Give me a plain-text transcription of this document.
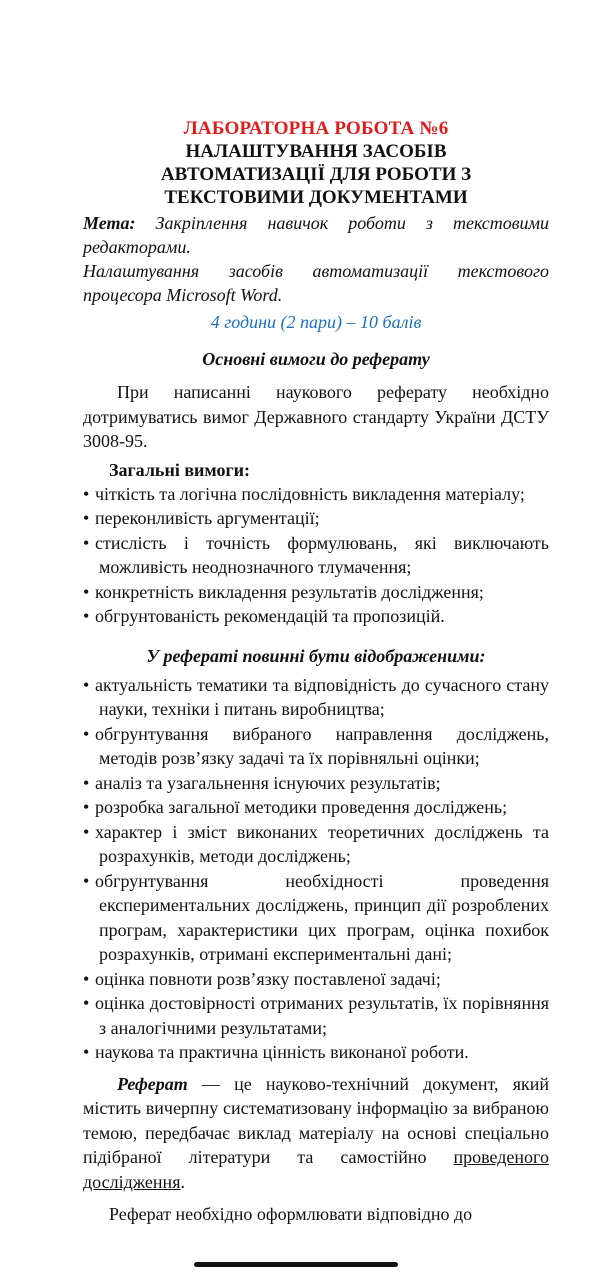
ЛАБОРАТОРНА РОБОТА №6
НАЛАШТУВАННЯ ЗАСОБІВ
АВТОМАТИЗАЦІЇ ДЛЯ РОБОТИ З
ТЕКСТОВИМИ ДОКУМЕНТАМИ
Мета: Закріплення навичок роботи з текстовими редакторами.
Налаштування засобів автоматизації текстового процесора Microsoft Word.
4 години (2 пари) – 10 балів
Основні вимоги до реферату
При написанні наукового реферату необхідно дотримуватись вимог Державного стандарту України ДСТУ 3008-95.
Загальні вимоги:
• чіткість та логічна послідовність викладення матеріалу;
• переконливість аргументації;
• стислість і точність формулювань, які виключають можливість неоднозначного тлумачення;
• конкретність викладення результатів дослідження;
• обгрунтованість рекомендацій та пропозицій.
У рефераті повинні бути відображеними:
• актуальність тематики та відповідність до сучасного стану науки, техніки і питань виробництва;
• обгрунтування вибраного направлення досліджень, методів розв’язку задачі та їх порівняльні оцінки;
• аналіз та узагальнення існуючих результатів;
• розробка загальної методики проведення досліджень;
• характер і зміст виконаних теоретичних досліджень та розрахунків, методи досліджень;
• обгрунтування необхідності проведення експериментальних досліджень, принцип дії розроблених програм, характеристики цих програм, оцінка похибок розрахунків, отримані експериментальні дані;
• оцінка повноти розв’язку поставленої задачі;
• оцінка достовірності отриманих результатів, їх порівняння з аналогічними результатами;
• наукова та практична цінність виконаної роботи.
Реферат — це науково-технічний документ, який містить вичерпну систематизовану інформацію за вибраною темою, передбачає виклад матеріалу на основі спеціально підібраної літератури та самостійно проведеного дослідження.
Реферат необхідно оформлювати відповідно до
